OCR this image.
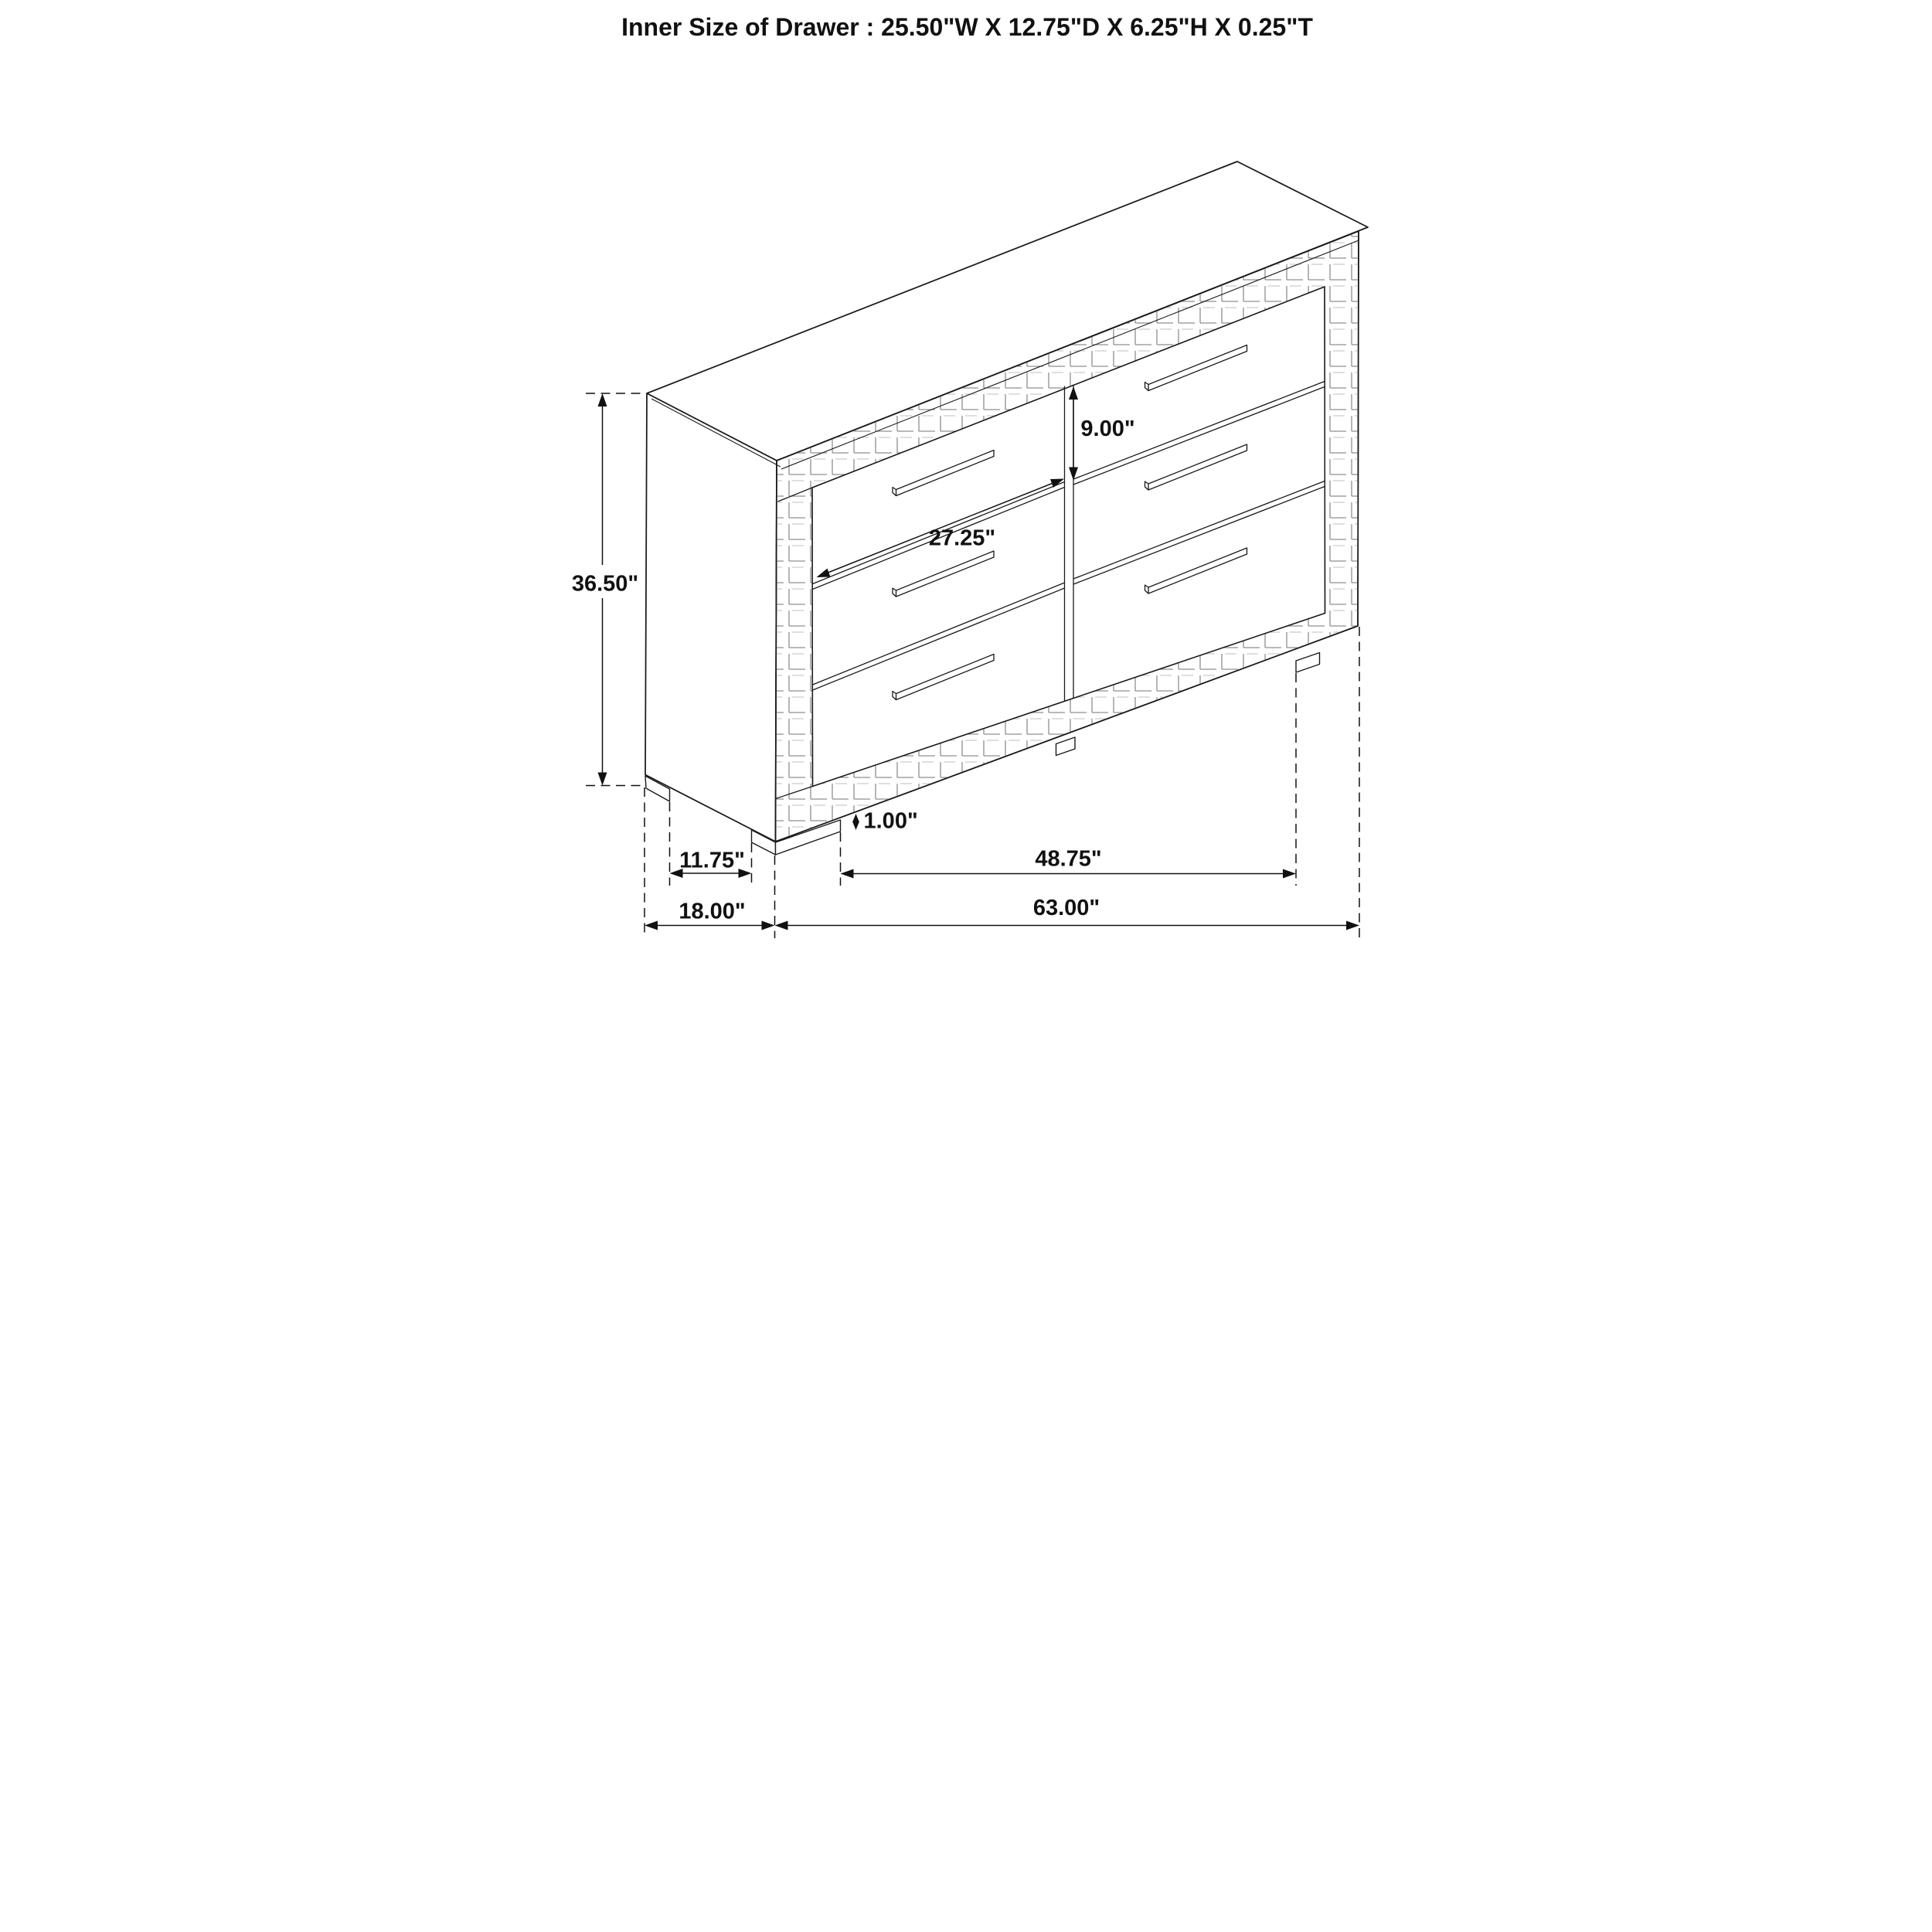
36.50"
9.00"
27.25"
1.00"
11.75"	48.75"
18.00"	63.00"
Inner Size of Drawer : 25.50"W X 12.75"D X 6.25"H X 0.25"T
